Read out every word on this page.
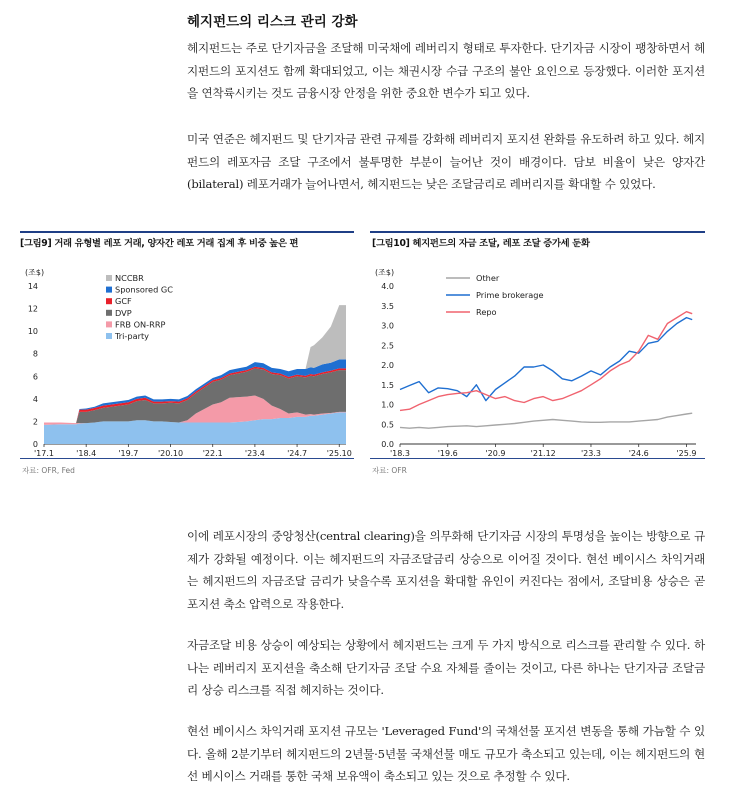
헤지펀드의 리스크 관리 강화

헤지펀드는 주로 단기자금을 조달해 미국채에 레버리지 형태로 투자한다. 단기자금 시장이 팽창하면서 헤지펀드의 포지션도 함께 확대되었고, 이는 채권시장 수급 구조의 불안 요인으로 등장했다. 이러한 포지션을 연착륙시키는 것도 금융시장 안정을 위한 중요한 변수가 되고 있다.

미국 연준은 헤지펀드 및 단기자금 관련 규제를 강화해 레버리지 포지션 완화를 유도하려 하고 있다. 헤지펀드의 레포자금 조달 구조에서 불투명한 부분이 늘어난 것이 배경이다. 담보 비율이 낮은 양자간(bilateral) 레포거래가 늘어나면서, 헤지펀드는 낮은 조달금리로 레버리지를 확대할 수 있었다.

[그림9] 거래 유형별 레포 거래, 양자간 레포 거래 집계 후 비중 높은 편
(조$)
0
2
4
6
8
10
12
14
'17.1	'18.4	'19.7 '20.10 '22.1	'23.4	'24.7 '25.10
NCCBR
Sponsored GC
GCF
DVP
FRB ON-RRP
Tri-party
자료: OFR, Fed
[그림10] 헤지펀드의 자금 조달, 레포 조달 증가세 둔화
(조$)
0.0
0.5
1.0
1.5
2.0
2.5
3.0
3.5
4.0
'18.3	'19.6	'20.9	'21.12	'23.3	'24.6	'25.9
Other
Prime brokerage
Repo
자료: OFR

이에 레포시장의 중앙청산(central clearing)을 의무화해 단기자금 시장의 투명성을 높이는 방향으로 규제가 강화될 예정이다. 이는 헤지펀드의 자금조달금리 상승으로 이어질 것이다. 현선 베이시스 차익거래는 헤지펀드의 자금조달 금리가 낮을수록 포지션을 확대할 유인이 커진다는 점에서, 조달비용 상승은 곧 포지션 축소 압력으로 작용한다.

자금조달 비용 상승이 예상되는 상황에서 헤지펀드는 크게 두 가지 방식으로 리스크를 관리할 수 있다. 하나는 레버리지 포지션을 축소해 단기자금 조달 수요 자체를 줄이는 것이고, 다른 하나는 단기자금 조달금리 상승 리스크를 직접 헤지하는 것이다.

현선 베이시스 차익거래 포지션 규모는 'Leveraged Fund'의 국채선물 포지션 변동을 통해 가늠할 수 있다. 올해 2분기부터 헤지펀드의 2년물·5년물 국채선물 매도 규모가 축소되고 있는데, 이는 헤지펀드의 현선 베시이스 거래를 통한 국채 보유액이 축소되고 있는 것으로 추정할 수 있다.
